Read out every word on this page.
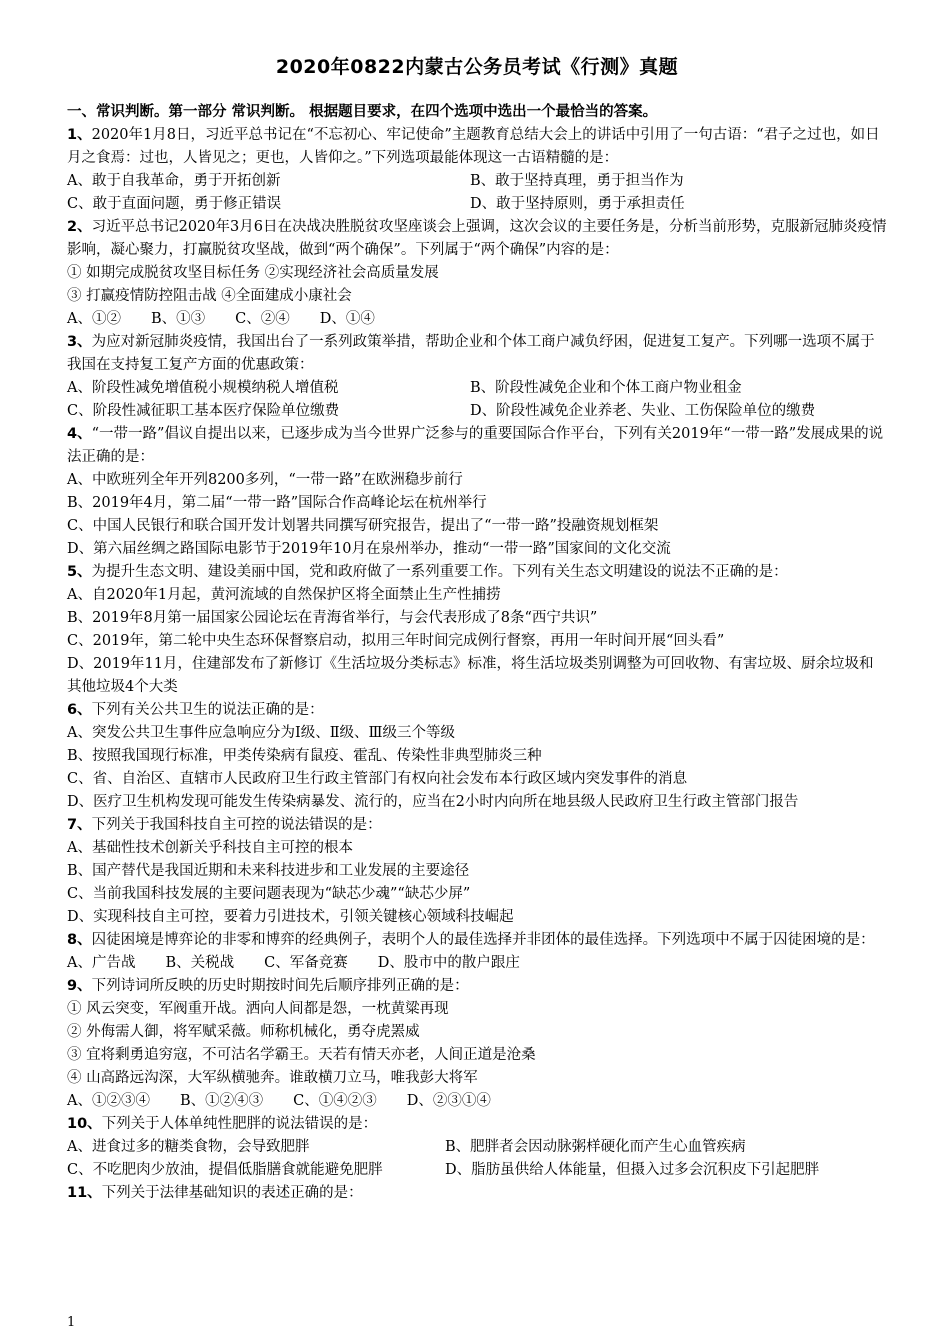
2020年0822内蒙古公务员考试《行测》真题
一、常识判断。第一部分 常识判断。 根据题目要求，在四个选项中选出一个最恰当的答案。
1、2020年1月8日，习近平总书记在“不忘初心、牢记使命”主题教育总结大会上的讲话中引用了一句古语：“君子之过也，如日月之食焉：过也，人皆见之；更也，人皆仰之。”下列选项最能体现这一古语精髓的是：
A、敢于自我革命，勇于开拓创新	B、敢于坚持真理，勇于担当作为
C、敢于直面问题，勇于修正错误	D、敢于坚持原则，勇于承担责任
2、习近平总书记2020年3月6日在决战决胜脱贫攻坚座谈会上强调，这次会议的主要任务是，分析当前形势，克服新冠肺炎疫情影响，凝心聚力，打赢脱贫攻坚战，做到“两个确保”。下列属于“两个确保”内容的是：
① 如期完成脱贫攻坚目标任务 ②实现经济社会高质量发展
③ 打赢疫情防控阻击战 ④全面建成小康社会
A、①② B、①③ C、②④ D、①④
3、为应对新冠肺炎疫情，我国出台了一系列政策举措，帮助企业和个体工商户减负纾困，促进复工复产。下列哪一选项不属于我国在支持复工复产方面的优惠政策：
A、阶段性减免增值税小规模纳税人增值税	B、阶段性减免企业和个体工商户物业租金
C、阶段性减征职工基本医疗保险单位缴费	D、阶段性减免企业养老、失业、工伤保险单位的缴费
4、“一带一路”倡议自提出以来，已逐步成为当今世界广泛参与的重要国际合作平台，下列有关2019年“一带一路”发展成果的说法正确的是：
A、中欧班列全年开列8200多列，“一带一路”在欧洲稳步前行
B、2019年4月，第二届“一带一路”国际合作高峰论坛在杭州举行
C、中国人民银行和联合国开发计划署共同撰写研究报告，提出了“一带一路”投融资规划框架
D、第六届丝绸之路国际电影节于2019年10月在泉州举办，推动“一带一路”国家间的文化交流
5、为提升生态文明、建设美丽中国，党和政府做了一系列重要工作。下列有关生态文明建设的说法不正确的是：
A、自2020年1月起，黄河流域的自然保护区将全面禁止生产性捕捞
B、2019年8月第一届国家公园论坛在青海省举行，与会代表形成了8条“西宁共识”
C、2019年，第二轮中央生态环保督察启动，拟用三年时间完成例行督察，再用一年时间开展“回头看”
D、2019年11月，住建部发布了新修订《生活垃圾分类标志》标准，将生活垃圾类别调整为可回收物、有害垃圾、厨余垃圾和其他垃圾4个大类
6、下列有关公共卫生的说法正确的是：
A、突发公共卫生事件应急响应分为Ⅰ级、Ⅱ级、Ⅲ级三个等级
B、按照我国现行标准，甲类传染病有鼠疫、霍乱、传染性非典型肺炎三种
C、省、自治区、直辖市人民政府卫生行政主管部门有权向社会发布本行政区域内突发事件的消息
D、医疗卫生机构发现可能发生传染病暴发、流行的，应当在2小时内向所在地县级人民政府卫生行政主管部门报告
7、下列关于我国科技自主可控的说法错误的是：
A、基础性技术创新关乎科技自主可控的根本
B、国产替代是我国近期和未来科技进步和工业发展的主要途径
C、当前我国科技发展的主要问题表现为“缺芯少魂”“缺芯少屏”
D、实现科技自主可控，要着力引进技术，引领关键核心领域科技崛起
8、囚徒困境是博弈论的非零和博弈的经典例子，表明个人的最佳选择并非团体的最佳选择。下列选项中不属于囚徒困境的是：
A、广告战 B、关税战 C、军备竞赛 D、股市中的散户跟庄
9、下列诗词所反映的历史时期按时间先后顺序排列正确的是：
① 风云突变，军阀重开战。洒向人间都是怨，一枕黄粱再现
② 外侮需人御，将军赋采薇。师称机械化，勇夺虎罴威
③ 宜将剩勇追穷寇，不可沽名学霸王。天若有情天亦老，人间正道是沧桑
④ 山高路远沟深，大军纵横驰奔。谁敢横刀立马，唯我彭大将军
A、①②③④ B、①②④③ C、①④②③ D、②③①④
10、下列关于人体单纯性肥胖的说法错误的是：
A、进食过多的糖类食物，会导致肥胖	B、肥胖者会因动脉粥样硬化而产生心血管疾病
C、不吃肥肉少放油，提倡低脂膳食就能避免肥胖	D、脂肪虽供给人体能量，但摄入过多会沉积皮下引起肥胖
11、下列关于法律基础知识的表述正确的是：
1
